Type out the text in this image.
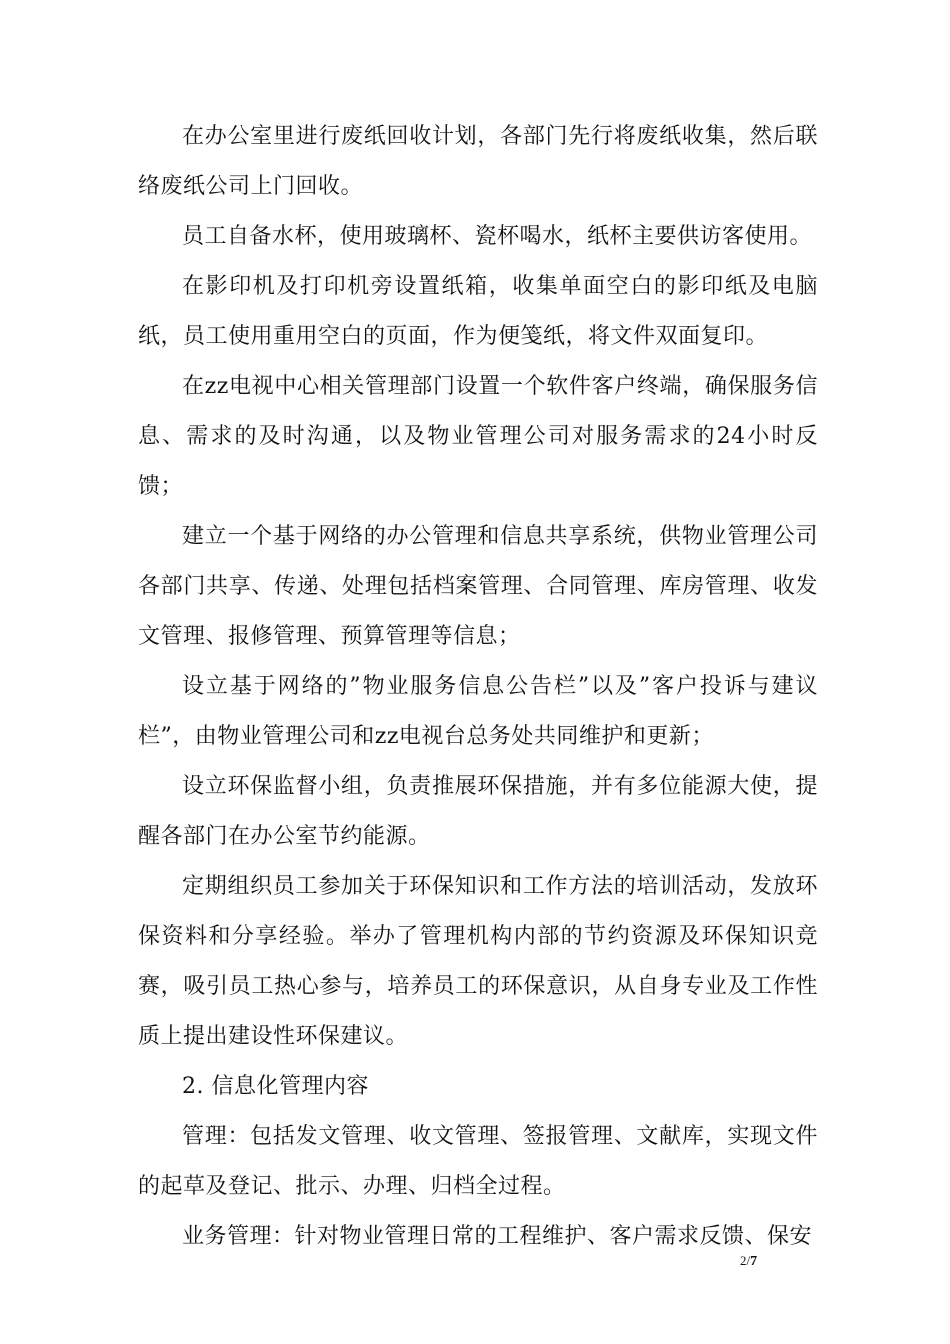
在办公室里进行废纸回收计划，各部门先行将废纸收集，然后联络废纸公司上门回收。

员工自备水杯，使用玻璃杯、瓷杯喝水，纸杯主要供访客使用。

在影印机及打印机旁设置纸箱，收集单面空白的影印纸及电脑纸，员工使用重用空白的页面，作为便笺纸，将文件双面复印。

在zz电视中心相关管理部门设置一个软件客户终端，确保服务信息、需求的及时沟通，以及物业管理公司对服务需求的24小时反馈；

建立一个基于网络的办公管理和信息共享系统，供物业管理公司各部门共享、传递、处理包括档案管理、合同管理、库房管理、收发文管理、报修管理、预算管理等信息；

设立基于网络的”物业服务信息公告栏”以及”客户投诉与建议栏”，由物业管理公司和zz电视台总务处共同维护和更新；

设立环保监督小组，负责推展环保措施，并有多位能源大使，提醒各部门在办公室节约能源。

定期组织员工参加关于环保知识和工作方法的培训活动，发放环保资料和分享经验。举办了管理机构内部的节约资源及环保知识竞赛，吸引员工热心参与，培养员工的环保意识，从自身专业及工作性质上提出建设性环保建议。

2. 信息化管理内容

管理：包括发文管理、收文管理、签报管理、文献库，实现文件的起草及登记、批示、办理、归档全过程。

业务管理：针对物业管理日常的工程维护、客户需求反馈、保安

2/7
